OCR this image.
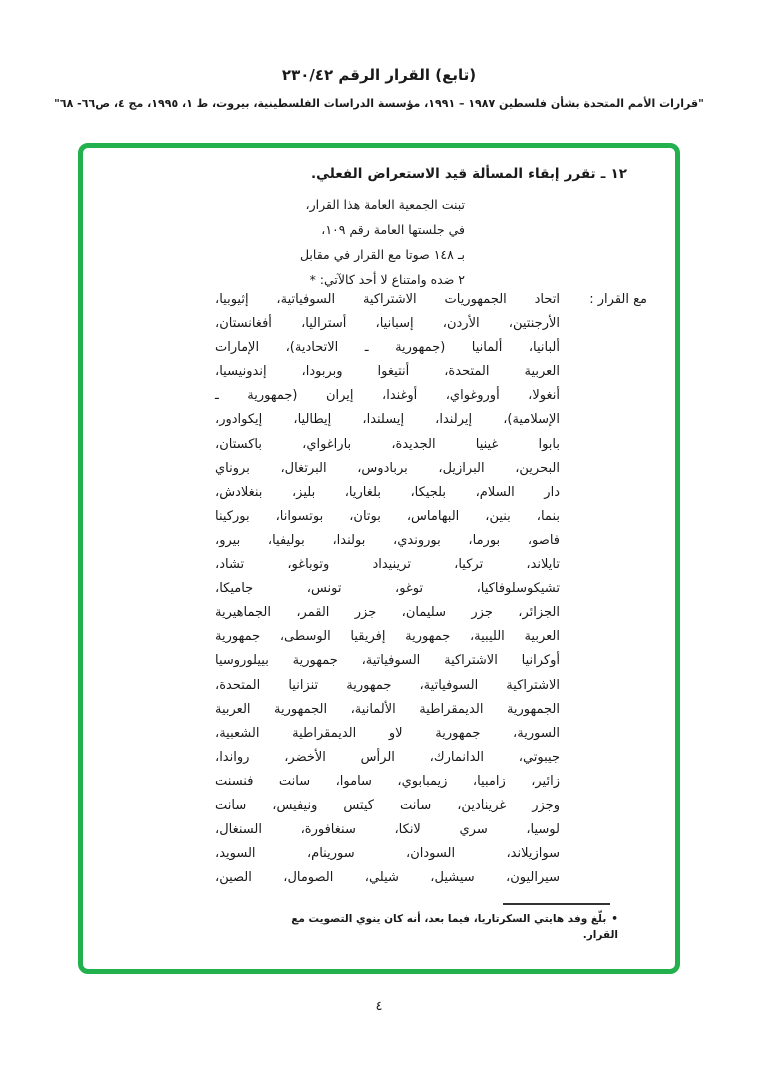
(تابع) القرار الرقم ٢٣٠/٤٢
"قرارات الأمم المتحدة بشأن فلسطين ١٩٨٧ – ١٩٩١، مؤسسة الدراسات الفلسطينية، بيروت، ط ١، ١٩٩٥، مج ٤، ص٦٦- ٦٨"
١٢ ـ تقرر إبقاء المسألة قيد الاستعراض الفعلي.
تبنت الجمعية العامة هذا القرار،
في جلستها العامة رقم ١٠٩،
بـ ١٤٨ صوتا مع القرار في مقابل
٢ ضده وامتناع لا أحد كالآتي: *
مع القرار :
اتحاد الجمهوريات الاشتراكية السوفياتية، إثيوبيا،
الأرجنتين، الأردن، إسبانيا، أستراليا، أفغانستان،
ألبانيا، ألمانيا (جمهورية ـ الاتحادية)، الإمارات
العربية المتحدة، أنتيغوا وبربودا، إندونيسيا،
أنغولا، أوروغواي، أوغندا، إيران (جمهورية ـ
الإسلامية)، إيرلندا، إيسلندا، إيطاليا، إيكوادور،
بابوا غينيا الجديدة، باراغواي، باكستان،
البحرين، البرازيل، بربادوس، البرتغال، بروناي
دار السلام، بلجيكا، بلغاريا، بليز، بنغلادش،
بنما، بنين، البهاماس، بوتان، بوتسوانا، بوركينا
فاصو، بورما، بوروندي، بولندا، بوليفيا، بيرو،
تايلاند، تركيا، ترينيداد وتوباغو، تشاد،
تشيكوسلوفاكيا، توغو، تونس، جاميكا،
الجزائر، جزر سليمان، جزر القمر، الجماهيرية
العربية الليبية، جمهورية إفريقيا الوسطى، جمهورية
أوكرانيا الاشتراكية السوفياتية، جمهورية بييلوروسيا
الاشتراكية السوفياتية، جمهورية تنزانيا المتحدة،
الجمهورية الديمقراطية الألمانية، الجمهورية العربية
السورية، جمهورية لاو الديمقراطية الشعبية،
جيبوتي، الدانمارك، الرأس الأخضر، رواندا،
زائير، زامبيا، زيمبابوي، ساموا، سانت فنسنت
وجزر غرينادين، سانت كيتس ونيفيس، سانت
لوسيا، سري لانكا، سنغافورة، السنغال،
سوازيلاند، السودان، سورينام، السويد،
سيراليون، سيشيل، شيلي، الصومال، الصين،
•بلّغ وفد هايتي السكرتاريا، فيما بعد، أنه كان ينوي التصويت مع القرار.
٤
